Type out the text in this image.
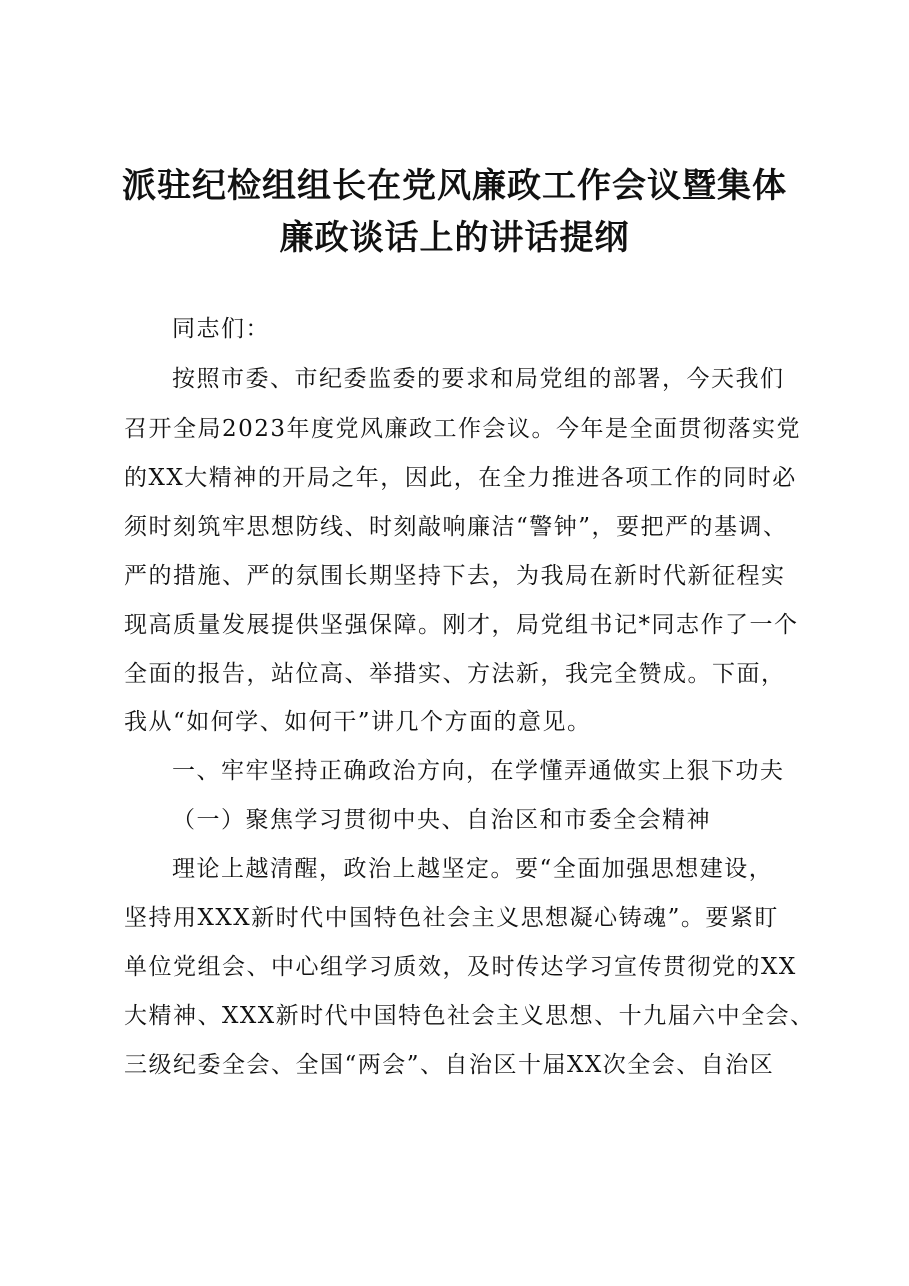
派驻纪检组组长在党风廉政工作会议暨集体
廉政谈话上的讲话提纲
同志们：
按照市委、市纪委监委的要求和局党组的部署，今天我们
召开全局2023年度党风廉政工作会议。今年是全面贯彻落实党
的XX大精神的开局之年，因此，在全力推进各项工作的同时必
须时刻筑牢思想防线、时刻敲响廉洁“警钟”，要把严的基调、
严的措施、严的氛围长期坚持下去，为我局在新时代新征程实
现高质量发展提供坚强保障。刚才，局党组书记*同志作了一个
全面的报告，站位高、举措实、方法新，我完全赞成。下面，
我从“如何学、如何干”讲几个方面的意见。
一、牢牢坚持正确政治方向，在学懂弄通做实上狠下功夫
（一）聚焦学习贯彻中央、自治区和市委全会精神
理论上越清醒，政治上越坚定。要“全面加强思想建设，
坚持用XXX新时代中国特色社会主义思想凝心铸魂”。要紧盯
单位党组会、中心组学习质效，及时传达学习宣传贯彻党的XX
大精神、XXX新时代中国特色社会主义思想、十九届六中全会、
三级纪委全会、全国“两会”、自治区十届XX次全会、自治区
